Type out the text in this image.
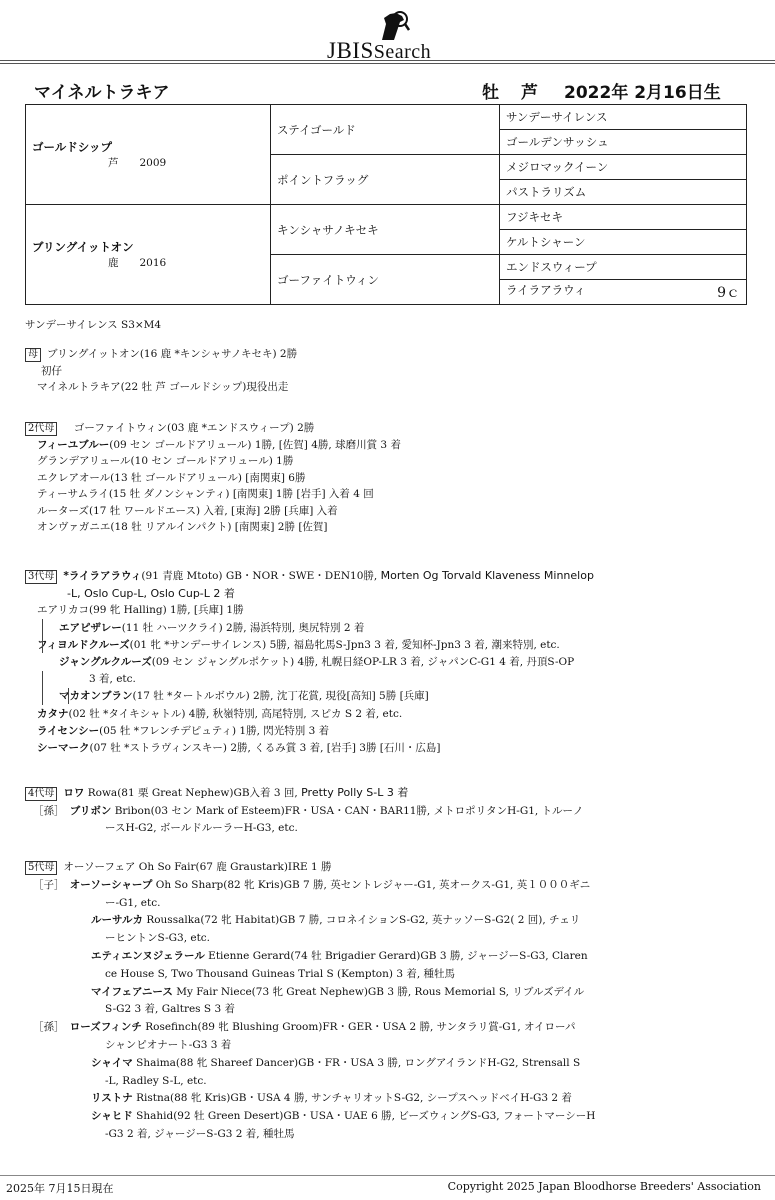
JBISSearch
マイネルトラキア	牡 芦 2022年 2月16日生
ゴールドシップ
芦　　 2009	ステイゴールド	サンデーサイレンス
		ゴールデンサッシュ
	ポイントフラッグ	メジロマックイーン
		パストラリズム

ブリングイットオン
鹿　　 2016	キンシャサノキセキ	フジキセキ
		ケルトシャーン
	ゴーファイトウィン	エンドスウィープ
		ライラアラウィ 9ｃ
サンデーサイレンス S3×M4
母 ブリングイットオン(16 鹿 *キンシャサノキセキ) 2勝
初仔
マイネルトラキア(22 牡 芦 ゴールドシップ)現役出走
2代母　 ゴーファイトウィン(03 鹿 *エンドスウィープ) 2勝
フィーユブルー(09 セン ゴールドアリュール) 1勝, [佐賀] 4勝, 球磨川賞 3 着
グランデアリュール(10 セン ゴールドアリュール) 1勝
エクレアオール(13 牡 ゴールドアリュール) [南関東] 6勝
ティーサムライ(15 牡 ダノンシャンティ) [南関東] 1勝 [岩手] 入着 4 回
ルーターズ(17 牡 ワールドエース) 入着, [東海] 2勝 [兵庫] 入着
オンヴァガニエ(18 牡 リアルインパクト) [南関東] 2勝 [佐賀]
3代母 *ライラアラウィ(91 青鹿 Mtoto) GB・NOR・SWE・DEN10勝, Morten Og Torvald Klaveness Minnelop
-L, Oslo Cup-L, Oslo Cup-L 2 着
エアリカコ(99 牝 Halling) 1勝, [兵庫] 1勝
エアピザレー(11 牡 ハーツクライ) 2勝, 湯浜特別, 奥尻特別 2 着
フィヨルドクルーズ(01 牝 *サンデーサイレンス) 5勝, 福島牝馬S-Jpn3 3 着, 愛知杯-Jpn3 3 着, 潮来特別, etc.
ジャングルクルーズ(09 セン ジャングルポケット) 4勝, 札幌日経OP-LR 3 着, ジャパンC-G1 4 着, 丹頂S-OP
3 着, etc.
マカオンブラン(17 牡 *タートルボウル) 2勝, 沈丁花賞, 現役[高知] 5勝 [兵庫]
カタナ(02 牡 *タイキシャトル) 4勝, 秋嶺特別, 高尾特別, スピカ S 2 着, etc.
ライセンシー(05 牡 *フレンチデピュティ) 1勝, 閃光特別 3 着
シーマーク(07 牡 *ストラヴィンスキー) 2勝, くるみ賞 3 着, [岩手] 3勝 [石川・広島]
4代母 ロワ Rowa(81 栗 Great Nephew)GB入着 3 回, Pretty Polly S-L 3 着
［孫］　 ブリボン Bribon(03 セン Mark of Esteem)FR・USA・CAN・BAR11勝, メトロポリタンH-G1, トルーノ
ースH-G2, ボールドルーラーH-G3, etc.
5代母 オーソーフェア Oh So Fair(67 鹿 Graustark)IRE 1 勝
［子］　 オーソーシャープ Oh So Sharp(82 牝 Kris)GB 7 勝, 英セントレジャー-G1, 英オークス-G1, 英１０００ギニ
ー-G1, etc.
ルーサルカ Roussalka(72 牝 Habitat)GB 7 勝, コロネイションS-G2, 英ナッソーS-G2( 2 回), チェリ
ーヒントンS-G3, etc.
エティエンヌジェラール Etienne Gerard(74 牡 Brigadier Gerard)GB 3 勝, ジャージーS-G3, Claren
ce House S, Two Thousand Guineas Trial S (Kempton) 3 着, 種牡馬
マイフェアニース My Fair Niece(73 牝 Great Nephew)GB 3 勝, Rous Memorial S, リブルズデイル
S-G2 3 着, Galtres S 3 着
［孫］　 ローズフィンチ Rosefinch(89 牝 Blushing Groom)FR・GER・USA 2 勝, サンタラリ賞-G1, オイローパ
シャンピオナート-G3 3 着
シャイマ Shaima(88 牝 Shareef Dancer)GB・FR・USA 3 勝, ロングアイランドH-G2, Strensall S
-L, Radley S-L, etc.
リストナ Ristna(88 牝 Kris)GB・USA 4 勝, サンチャリオットS-G2, シープスヘッドベイH-G3 2 着
シャヒド Shahid(92 牡 Green Desert)GB・USA・UAE 6 勝, ビーズウィングS-G3, フォートマーシーH
-G3 2 着, ジャージーS-G3 2 着, 種牡馬
2025年 7月15日現在	Copyright 2025 Japan Bloodhorse Breeders' Association
